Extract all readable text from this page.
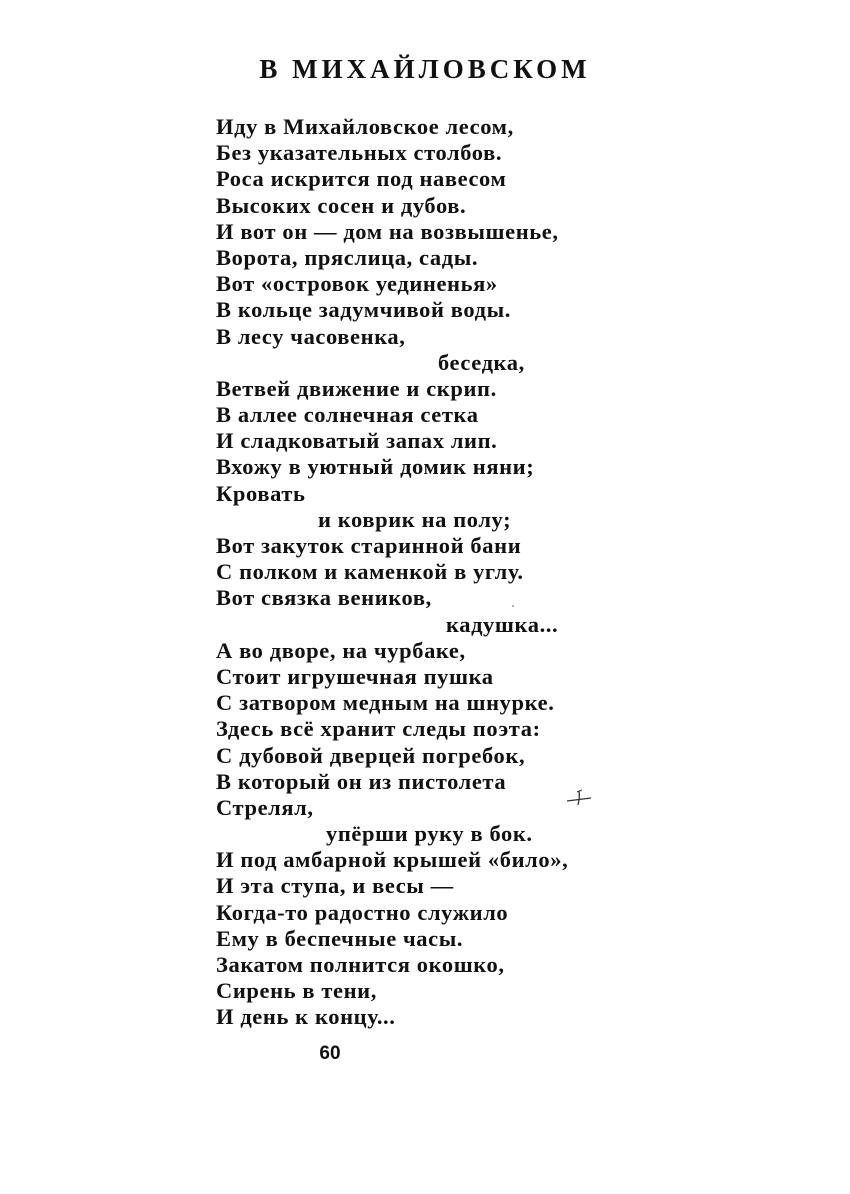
В МИХАЙЛОВСКОМ
Иду в Михайловское лесом,
Без указательных столбов.
Роса искрится под навесом
Высоких сосен и дубов.
И вот он — дом на возвышенье,
Ворота, пряслица, сады.
Вот «островок уединенья»
В кольце задумчивой воды.
В лесу часовенка,
беседка,
Ветвей движение и скрип.
В аллее солнечная сетка
И сладковатый запах лип.
Вхожу в уютный домик няни;
Кровать
и коврик на полу;
Вот закуток старинной бани
С полком и каменкой в углу.
Вот связка веников,
кадушка...
А во дворе, на чурбаке,
Стоит игрушечная пушка
С затвором медным на шнурке.
Здесь всё хранит следы поэта:
С дубовой дверцей погребок,
В который он из пистолета
Стрелял,
упёрши руку в бок.
И под амбарной крышей «било»,
И эта ступа, и весы —
Когда-то радостно служило
Ему в беспечные часы.
Закатом полнится окошко,
Сирень в тени,
И день к концу...
60
